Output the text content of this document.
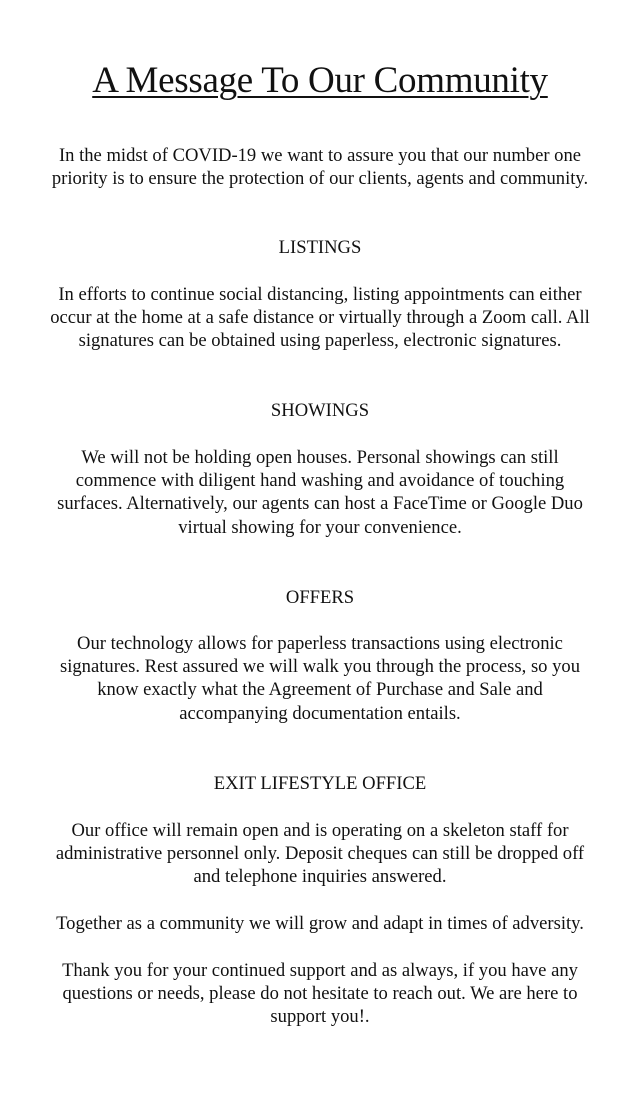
A Message To Our Community
In the midst of COVID-19 we want to assure you that our number one
priority is to ensure the protection of our clients, agents and community.
LISTINGS
In efforts to continue social distancing, listing appointments can either
occur at the home at a safe distance or virtually through a Zoom call. All
signatures can be obtained using paperless, electronic signatures.
SHOWINGS
We will not be holding open houses. Personal showings can still
commence with diligent hand washing and avoidance of touching
surfaces. Alternatively, our agents can host a FaceTime or Google Duo
virtual showing for your convenience.
OFFERS
Our technology allows for paperless transactions using electronic
signatures. Rest assured we will walk you through the process, so you
know exactly what the Agreement of Purchase and Sale and
accompanying documentation entails.
EXIT LIFESTYLE OFFICE
Our office will remain open and is operating on a skeleton staff for
administrative personnel only. Deposit cheques can still be dropped off
and telephone inquiries answered.
Together as a community we will grow and adapt in times of adversity.
Thank you for your continued support and as always, if you have any
questions or needs, please do not hesitate to reach out. We are here to
support you!.
